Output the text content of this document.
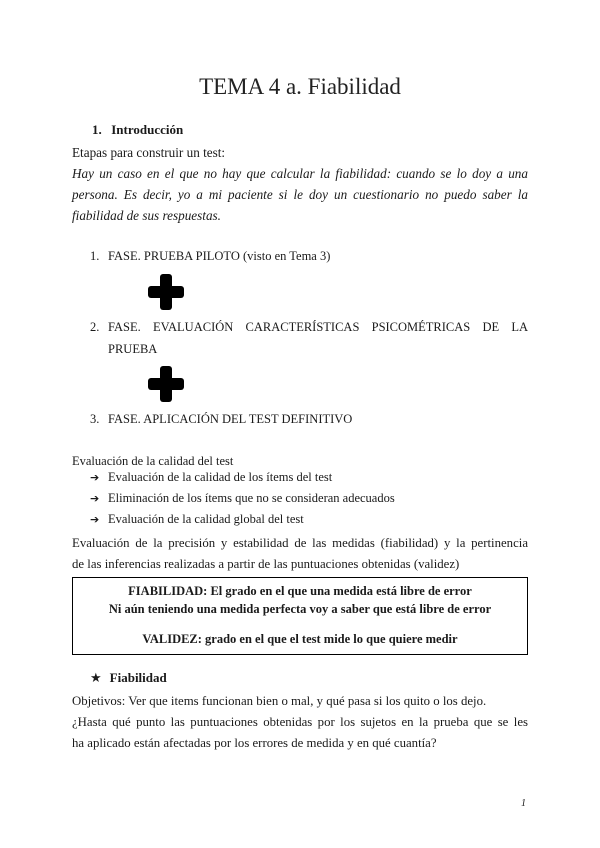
TEMA 4 a. Fiabilidad
1. Introducción
Etapas para construir un test:
Hay un caso en el que no hay que calcular la fiabilidad: cuando se lo doy a una
persona. Es decir, yo a mi paciente si le doy un cuestionario no puedo saber la
fiabilidad de sus respuestas.
1. FASE. PRUEBA PILOTO (visto en Tema 3)
2. FASE. EVALUACIÓN CARACTERÍSTICAS PSICOMÉTRICAS DE LA
PRUEBA
3. FASE. APLICACIÓN DEL TEST DEFINITIVO
Evaluación de la calidad del test
➔ Evaluación de la calidad de los ítems del test
➔ Eliminación de los ítems que no se consideran adecuados
➔ Evaluación de la calidad global del test
Evaluación de la precisión y estabilidad de las medidas (fiabilidad) y la pertinencia
de las inferencias realizadas a partir de las puntuaciones obtenidas (validez)
FIABILIDAD: El grado en el que una medida está libre de error
Ni aún teniendo una medida perfecta voy a saber que está libre de error
VALIDEZ: grado en el que el test mide lo que quiere medir
★ Fiabilidad
Objetivos: Ver que items funcionan bien o mal, y qué pasa si los quito o los dejo.
¿Hasta qué punto las puntuaciones obtenidas por los sujetos en la prueba que se les
ha aplicado están afectadas por los errores de medida y en qué cuantía?
1
